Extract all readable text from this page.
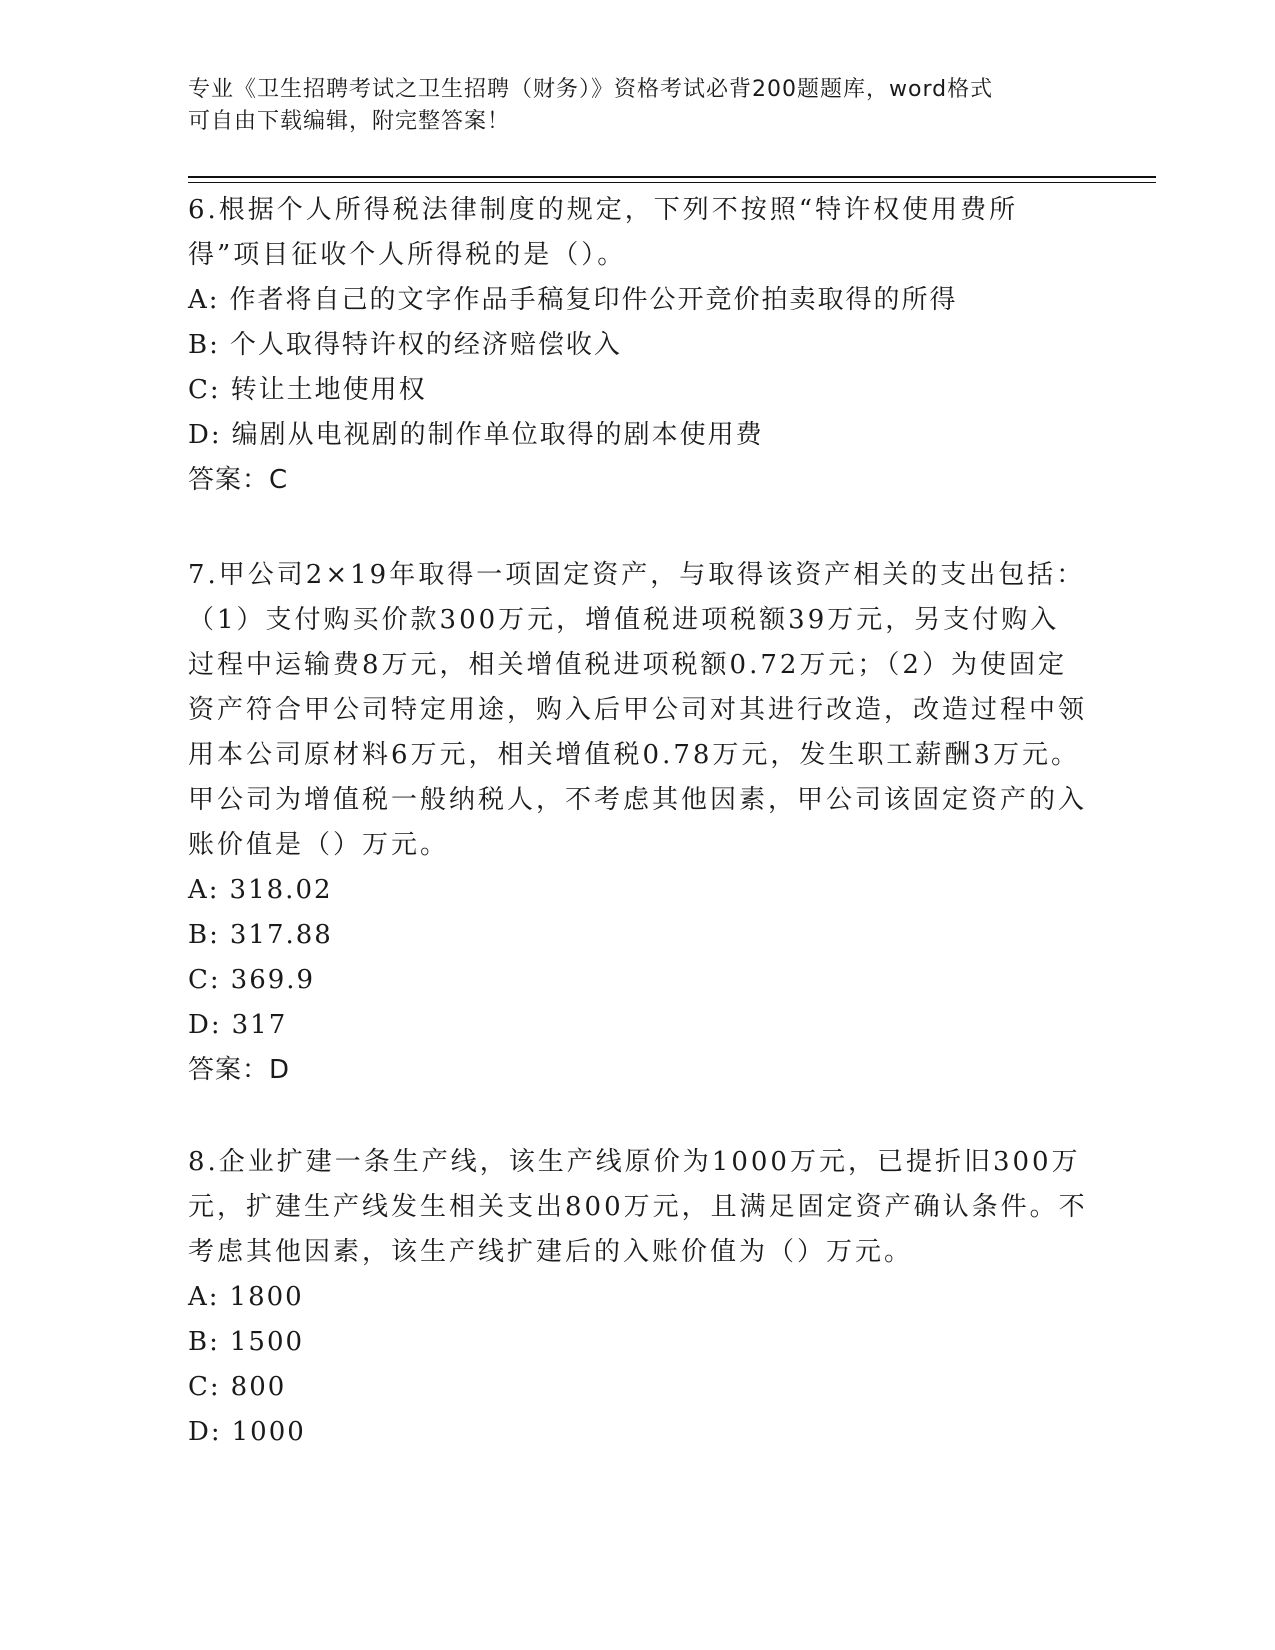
专业《卫生招聘考试之卫生招聘（财务）》资格考试必背200题题库，word格式
可自由下载编辑，附完整答案！

6.根据个人所得税法律制度的规定，下列不按照“特许权使用费所得”项目征收个人所得税的是（）。

A: 作者将自己的文字作品手稿复印件公开竞价拍卖取得的所得

B: 个人取得特许权的经济赔偿收入

C: 转让土地使用权

D: 编剧从电视剧的制作单位取得的剧本使用费

答案：C

7.甲公司2×19年取得一项固定资产，与取得该资产相关的支出包括：（1）支付购买价款300万元，增值税进项税额39万元，另支付购入过程中运输费8万元，相关增值税进项税额0.72万元；（2）为使固定资产符合甲公司特定用途，购入后甲公司对其进行改造，改造过程中领用本公司原材料6万元，相关增值税0.78万元，发生职工薪酬3万元。甲公司为增值税一般纳税人，不考虑其他因素，甲公司该固定资产的入账价值是（）万元。

A: 318.02

B: 317.88

C: 369.9

D: 317

答案：D

8.企业扩建一条生产线，该生产线原价为1000万元，已提折旧300万元，扩建生产线发生相关支出800万元，且满足固定资产确认条件。不考虑其他因素，该生产线扩建后的入账价值为（）万元。

A: 1800

B: 1500

C: 800

D: 1000
